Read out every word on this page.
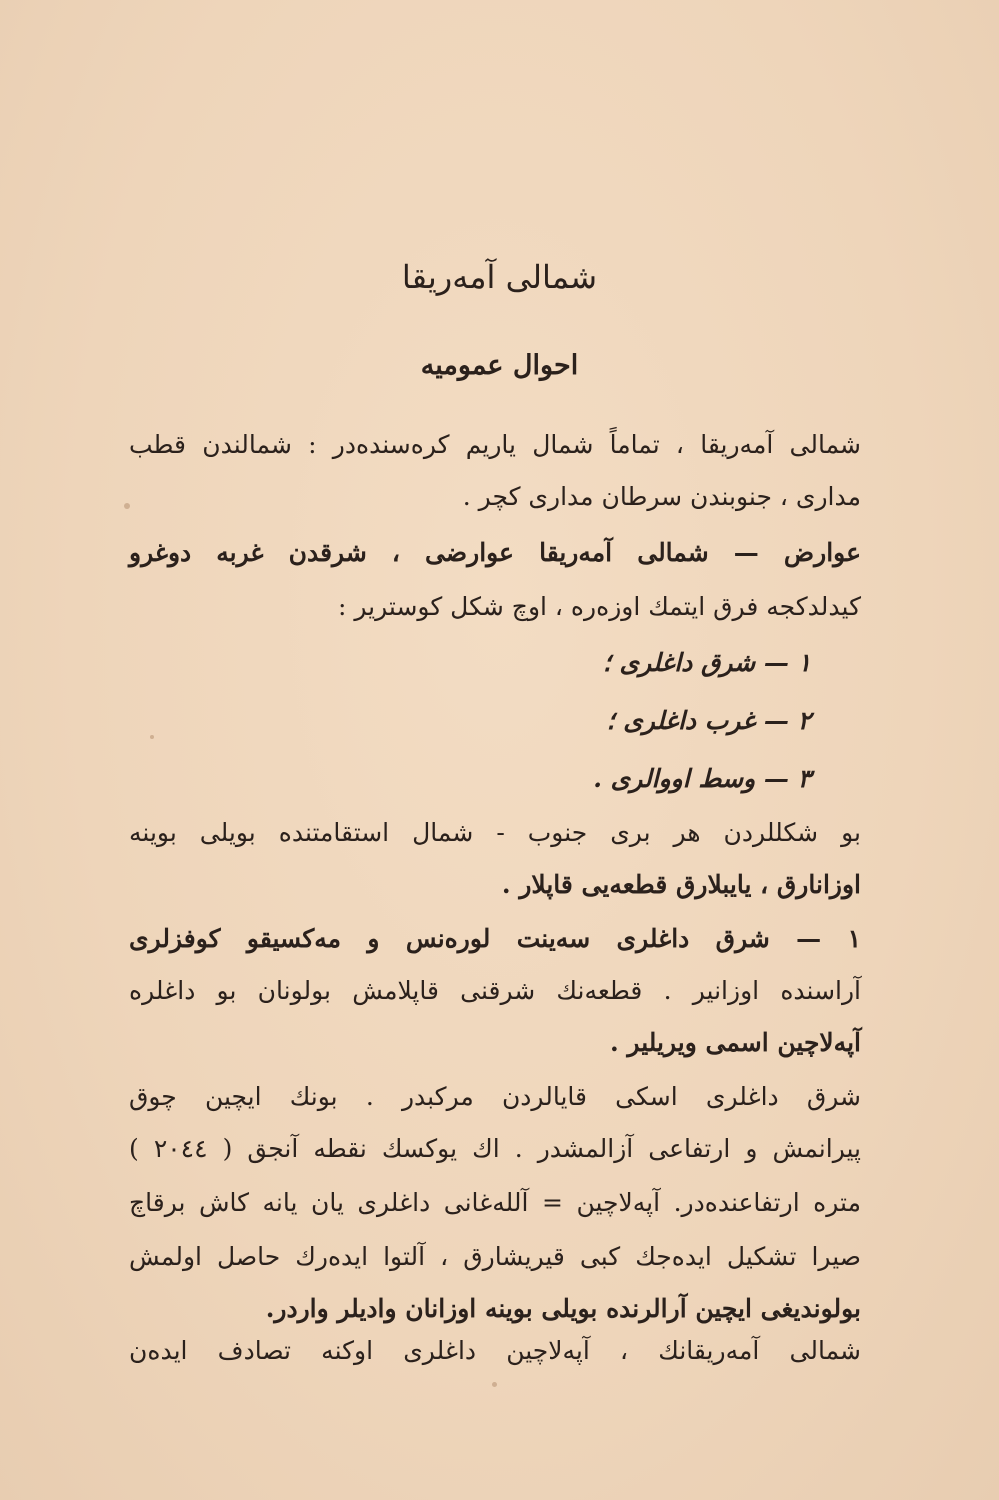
شمالی آمه‌ریقا
احوال عمومیه
شمالی آمه‌ریقا ، تماماً شمال یاریم کره‌سنده‌در : شمالندن قطب
مداری ، جنوبندن سرطان مداری کچر .
عوارض — شمالی آمه‌ریقا عوارضی ، شرقدن غربه دوغرو
کیدلدکجه فرق ایتمك اوزه‌ره ، اوچ شکل کوستریر :
١ — شرق داغلری ؛
٢ — غرب داغلری ؛
٣ — وسط اووالری .
بو شکللردن هر بری جنوب - شمال استقامتنده بویلی بوینه
اوزانارق ، یایبلارق قطعه‌یی قاپلار .
١ — شرق داغلری سه‌ینت لوره‌نس و مه‌کسیقو کوفزلری
آراسنده اوزانیر . قطعه‌نك شرقنی قاپلامش بولونان بو داغلره
آپه‌لاچین اسمی ویریلیر .
شرق داغلری اسکی قایالردن مرکبدر . بونك ایچین چوق
پیرانمش و ارتفاعی آزالمشدر . اك یوکسك نقطه آنجق ( ٢٠٤٤ )
متره ارتفاعنده‌در. آپه‌لاچین = آلله‌غانی داغلری یان یانه کاش برقاچ
صیرا تشکیل ایده‌جك کبی قیریشارق ، آلتوا ایده‌رك حاصل اولمش
بولوندیغی ایچین آرالرنده بویلی بوینه اوزانان وادیلر واردر.
شمالی آمه‌ریقانك ، آپه‌لاچین داغلری اوکنه تصادف ایده‌ن
